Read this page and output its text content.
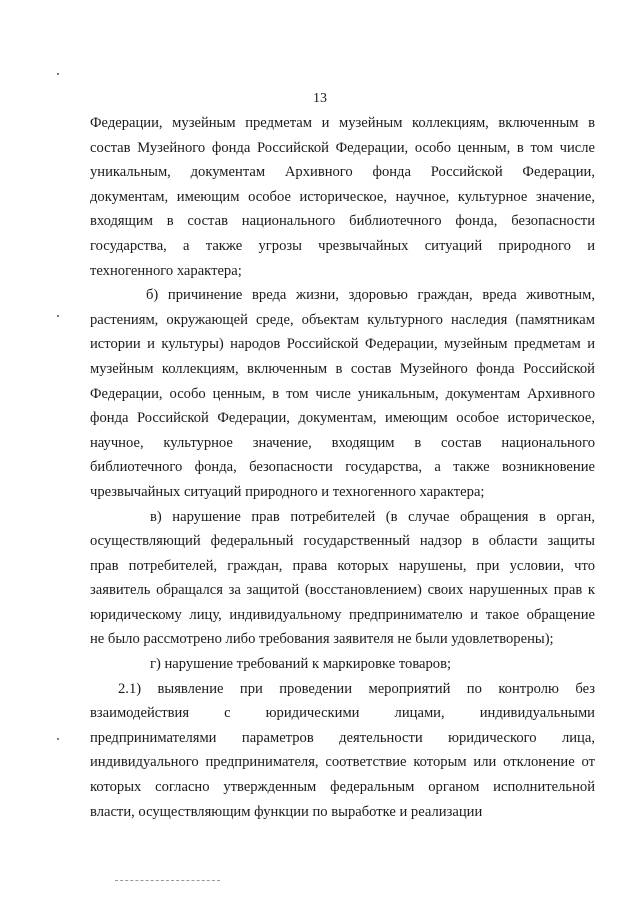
13
Федерации, музейным предметам и музейным коллекциям, включенным в
состав Музейного фонда Российской Федерации, особо ценным, в том числе
уникальным, документам Архивного фонда Российской Федерации,
документам, имеющим особое историческое, научное, культурное значение,
входящим в состав национального библиотечного фонда, безопасности
государства, а также угрозы чрезвычайных ситуаций природного и
техногенного характера;
б) причинение вреда жизни, здоровью граждан, вреда животным,
растениям, окружающей среде, объектам культурного наследия (памятникам
истории и культуры) народов Российской Федерации, музейным предметам и
музейным коллекциям, включенным в состав Музейного фонда Российской
Федерации, особо ценным, в том числе уникальным, документам Архивного
фонда Российской Федерации, документам, имеющим особое историческое,
научное, культурное значение, входящим в состав национального
библиотечного фонда, безопасности государства, а также возникновение
чрезвычайных ситуаций природного и техногенного характера;
в) нарушение прав потребителей (в случае обращения в орган,
осуществляющий федеральный государственный надзор в области защиты
прав потребителей, граждан, права которых нарушены, при условии, что
заявитель обращался за защитой (восстановлением) своих нарушенных прав к
юридическому лицу, индивидуальному предпринимателю и такое обращение
не было рассмотрено либо требования заявителя не были удовлетворены);
г) нарушение требований к маркировке товаров;
2.1) выявление при проведении мероприятий по контролю без
взаимодействия с юридическими лицами, индивидуальными
предпринимателями параметров деятельности юридического лица,
индивидуального предпринимателя, соответствие которым или отклонение от
которых согласно утвержденным федеральным органом исполнительной
власти, осуществляющим функции по выработке и реализации
